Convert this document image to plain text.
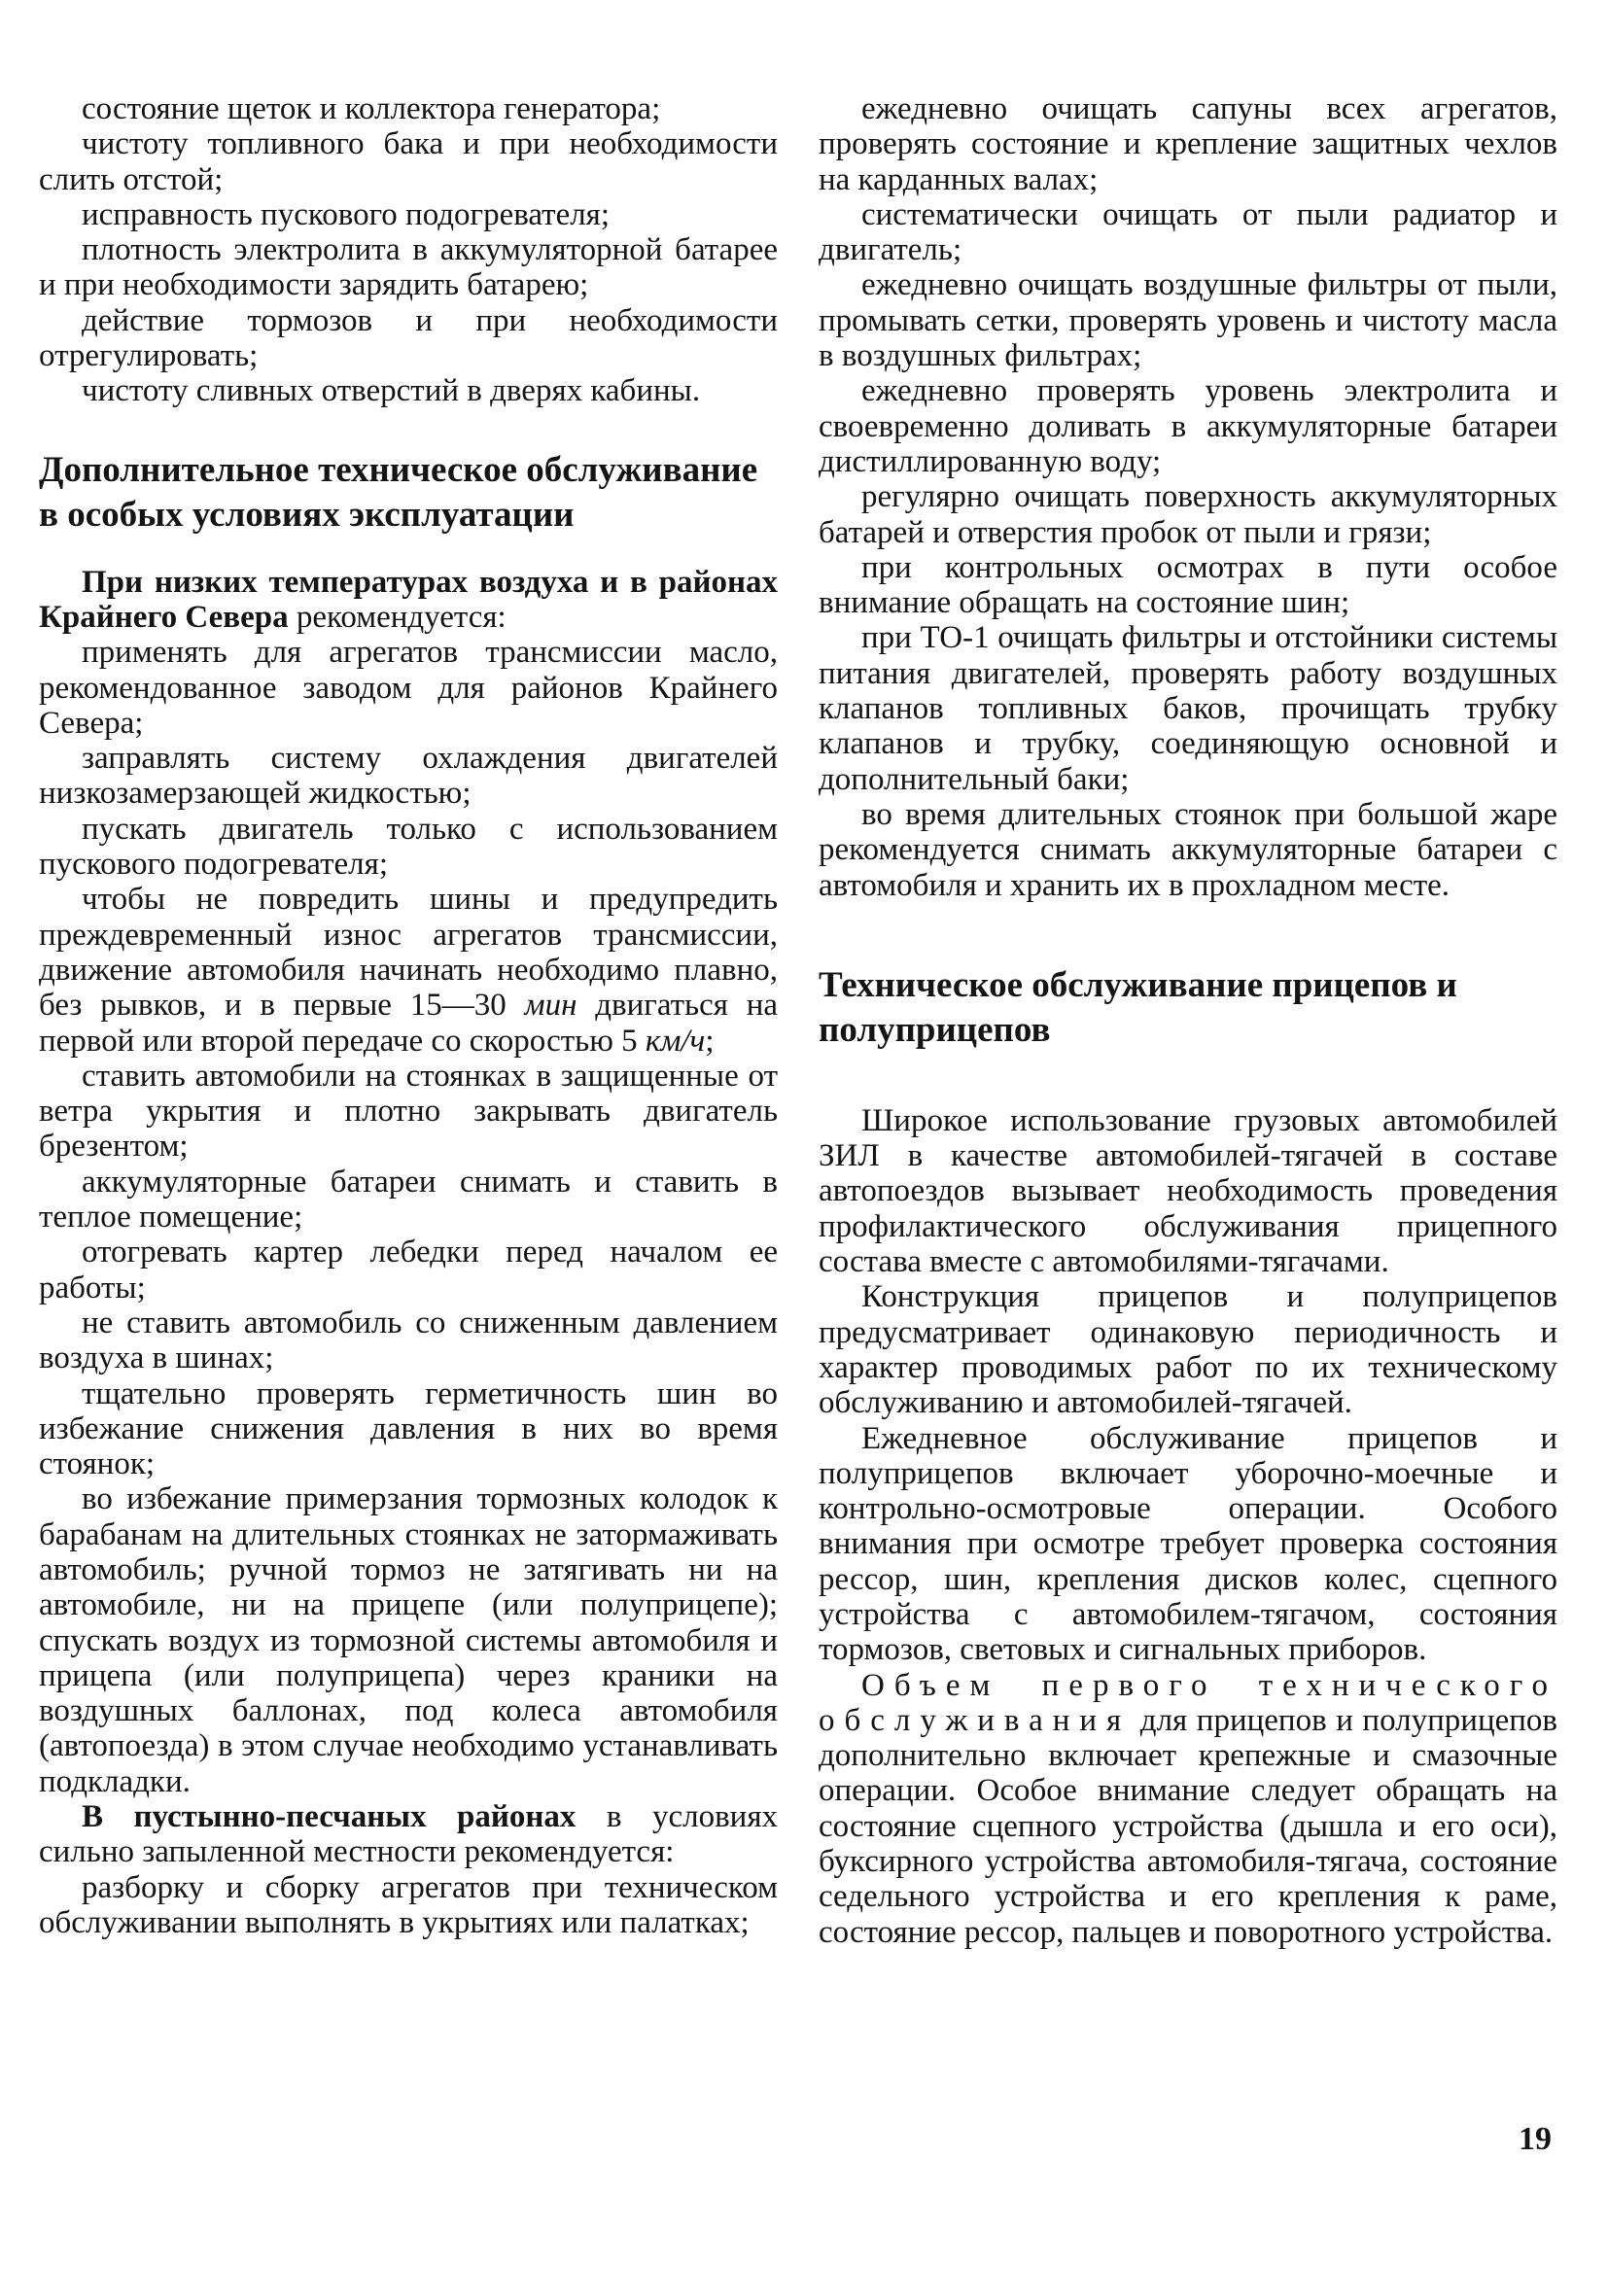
состояние щеток и коллектора генератора;

чистоту топливного бака и при необходимости слить отстой;

исправность пускового подогревателя;

плотность электролита в аккумуляторной батарее и при необходимости зарядить батарею;

действие тормозов и при необходимости отрегулировать;

чистоту сливных отверстий в дверях кабины.

Дополнительное техническое обслуживание в особых условиях эксплуатации

При низких температурах воздуха и в районах Крайнего Севера рекомендуется:

применять для агрегатов трансмиссии масло, рекомендованное заводом для районов Крайнего Севера;

заправлять систему охлаждения двигателей низкозамерзающей жидкостью;

пускать двигатель только с использованием пускового подогревателя;

чтобы не повредить шины и предупредить преждевременный износ агрегатов трансмиссии, движение автомобиля начинать необходимо плавно, без рывков, и в первые 15—30 мин двигаться на первой или второй передаче со скоростью 5 км/ч;

ставить автомобили на стоянках в защищенные от ветра укрытия и плотно закрывать двигатель брезентом;

аккумуляторные батареи снимать и ставить в теплое помещение;

отогревать картер лебедки перед началом ее работы;

не ставить автомобиль со сниженным давлением воздуха в шинах;

тщательно проверять герметичность шин во избежание снижения давления в них во время стоянок;

во избежание примерзания тормозных колодок к барабанам на длительных стоянках не затормаживать автомобиль; ручной тормоз не затягивать ни на автомобиле, ни на прицепе (или полуприцепе); спускать воздух из тормозной системы автомобиля и прицепа (или полуприцепа) через краники на воздушных баллонах, под колеса автомобиля (автопоезда) в этом случае необходимо устанавливать подкладки.

В пустынно-песчаных районах в условиях сильно запыленной местности рекомендуется:

разборку и сборку агрегатов при техническом обслуживании выполнять в укрытиях или палатках;

ежедневно очищать сапуны всех агрегатов, проверять состояние и крепление защитных чехлов на карданных валах;

систематически очищать от пыли радиатор и двигатель;

ежедневно очищать воздушные фильтры от пыли, промывать сетки, проверять уровень и чистоту масла в воздушных фильтрах;

ежедневно проверять уровень электролита и своевременно доливать в аккумуляторные батареи дистиллированную воду;

регулярно очищать поверхность аккумуляторных батарей и отверстия пробок от пыли и грязи;

при контрольных осмотрах в пути особое внимание обращать на состояние шин;

при ТО-1 очищать фильтры и отстойники системы питания двигателей, проверять работу воздушных клапанов топливных баков, прочищать трубку клапанов и трубку, соединяющую основной и дополнительный баки;

во время длительных стоянок при большой жаре рекомендуется снимать аккумуляторные батареи с автомобиля и хранить их в прохладном месте.

Техническое обслуживание прицепов и полуприцепов

Широкое использование грузовых автомобилей ЗИЛ в качестве автомобилей-тягачей в составе автопоездов вызывает необходимость проведения профилактического обслуживания прицепного состава вместе с автомобилями-тягачами.

Конструкция прицепов и полуприцепов предусматривает одинаковую периодичность и характер проводимых работ по их техническому обслуживанию и автомобилей-тягачей.

Ежедневное обслуживание прицепов и полуприцепов включает уборочно-моечные и контрольно-осмотровые операции. Особого внимания при осмотре требует проверка состояния рессор, шин, крепления дисков колес, сцепного устройства с автомобилем-тягачом, состояния тормозов, световых и сигнальных приборов.

Объем первого технического обслуживания для прицепов и полуприцепов дополнительно включает крепежные и смазочные операции. Особое внимание следует обращать на состояние сцепного устройства (дышла и его оси), буксирного устройства автомобиля-тягача, состояние седельного устройства и его крепления к раме, состояние рессор, пальцев и поворотного устройства.

19
